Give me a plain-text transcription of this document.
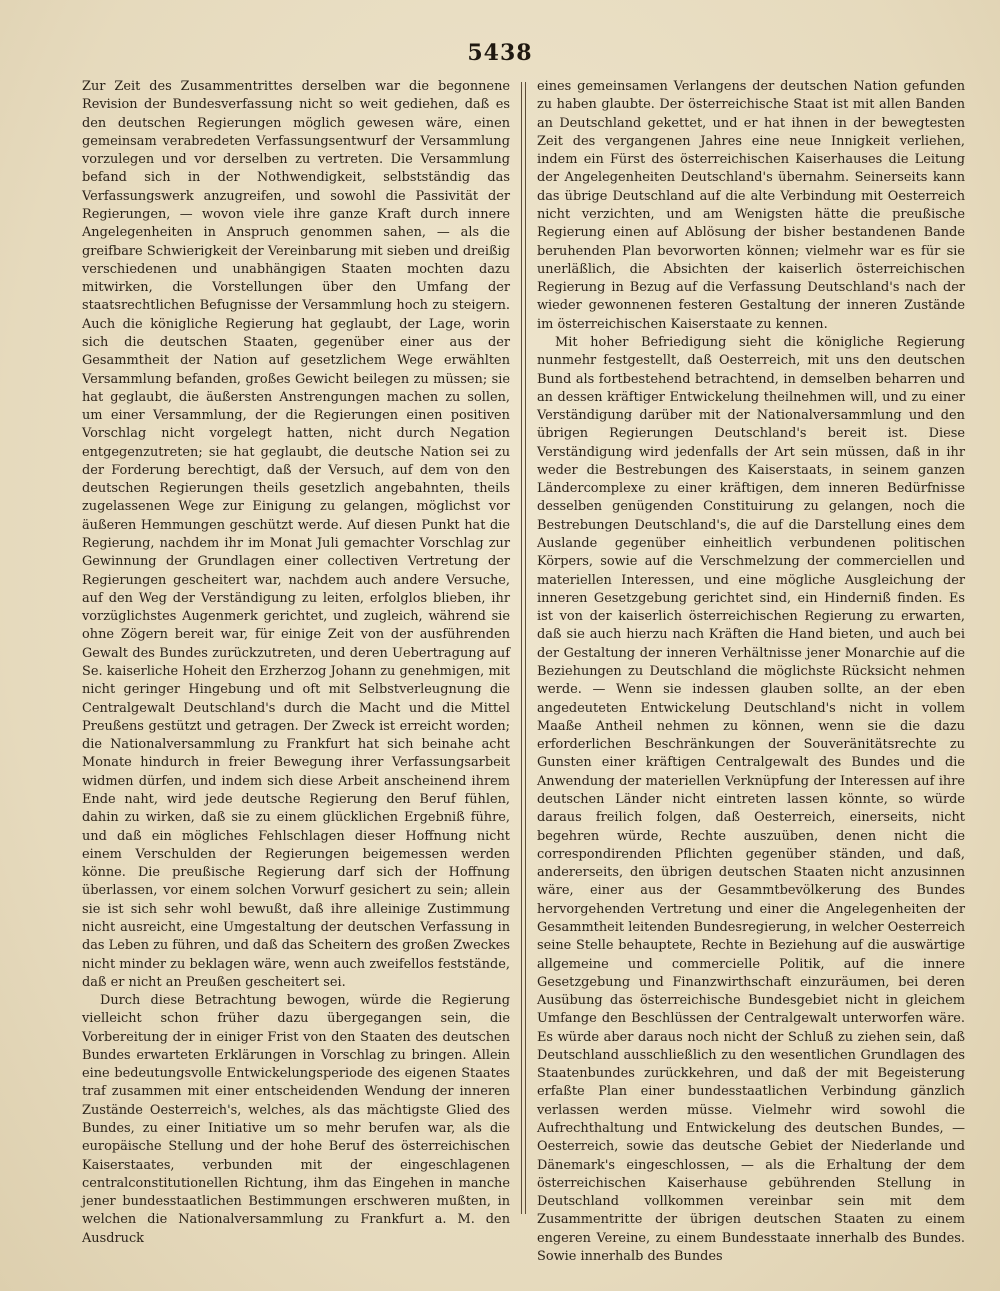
5438

Zur Zeit des Zusammentrittes derselben war die begonnene Revision der Bundesverfassung nicht so weit gediehen, daß es den deutschen Regierungen möglich gewesen wäre, einen gemeinsam verabredeten Verfassungsentwurf der Versammlung vorzulegen und vor derselben zu vertreten. Die Versammlung befand sich in der Nothwendigkeit, selbstständig das Verfassungswerk anzugreifen, und sowohl die Passivität der Regierungen, — wovon viele ihre ganze Kraft durch innere Angelegenheiten in Anspruch genommen sahen, — als die greifbare Schwierigkeit der Vereinbarung mit sieben und dreißig verschiedenen und unabhängigen Staaten mochten dazu mitwirken, die Vorstellungen über den Umfang der staatsrechtlichen Befugnisse der Versammlung hoch zu steigern. Auch die königliche Regierung hat geglaubt, der Lage, worin sich die deutschen Staaten, gegenüber einer aus der Gesammtheit der Nation auf gesetzlichem Wege erwählten Versammlung befanden, großes Gewicht beilegen zu müssen; sie hat geglaubt, die äußersten Anstrengungen machen zu sollen, um einer Versammlung, der die Regierungen einen positiven Vorschlag nicht vorgelegt hatten, nicht durch Negation entgegenzutreten; sie hat geglaubt, die deutsche Nation sei zu der Forderung berechtigt, daß der Versuch, auf dem von den deutschen Regierungen theils gesetzlich angebahnten, theils zugelassenen Wege zur Einigung zu gelangen, möglichst vor äußeren Hemmungen geschützt werde. Auf diesen Punkt hat die Regierung, nachdem ihr im Monat Juli gemachter Vorschlag zur Gewinnung der Grundlagen einer collectiven Vertretung der Regierungen gescheitert war, nachdem auch andere Versuche, auf den Weg der Verständigung zu leiten, erfolglos blieben, ihr vorzüglichstes Augenmerk gerichtet, und zugleich, während sie ohne Zögern bereit war, für einige Zeit von der ausführenden Gewalt des Bundes zurückzutreten, und deren Uebertragung auf Se. kaiserliche Hoheit den Erzherzog Johann zu genehmigen, mit nicht geringer Hingebung und oft mit Selbstverleugnung die Centralgewalt Deutschland's durch die Macht und die Mittel Preußens gestützt und getragen. Der Zweck ist erreicht worden; die Nationalversammlung zu Frankfurt hat sich beinahe acht Monate hindurch in freier Bewegung ihrer Verfassungsarbeit widmen dürfen, und indem sich diese Arbeit anscheinend ihrem Ende naht, wird jede deutsche Regierung den Beruf fühlen, dahin zu wirken, daß sie zu einem glücklichen Ergebniß führe, und daß ein mögliches Fehlschlagen dieser Hoffnung nicht einem Verschulden der Regierungen beigemessen werden könne. Die preußische Regierung darf sich der Hoffnung überlassen, vor einem solchen Vorwurf gesichert zu sein; allein sie ist sich sehr wohl bewußt, daß ihre alleinige Zustimmung nicht ausreicht, eine Umgestaltung der deutschen Verfassung in das Leben zu führen, und daß das Scheitern des großen Zweckes nicht minder zu beklagen wäre, wenn auch zweifellos feststände, daß er nicht an Preußen gescheitert sei.

Durch diese Betrachtung bewogen, würde die Regierung vielleicht schon früher dazu übergegangen sein, die Vorbereitung der in einiger Frist von den Staaten des deutschen Bundes erwarteten Erklärungen in Vorschlag zu bringen. Allein eine bedeutungsvolle Entwickelungsperiode des eigenen Staates traf zusammen mit einer entscheidenden Wendung der inneren Zustände Oesterreich's, welches, als das mächtigste Glied des Bundes, zu einer Initiative um so mehr berufen war, als die europäische Stellung und der hohe Beruf des österreichischen Kaiserstaates, verbunden mit der eingeschlagenen centralconstitutionellen Richtung, ihm das Eingehen in manche jener bundesstaatlichen Bestimmungen erschweren mußten, in welchen die Nationalversammlung zu Frankfurt a. M. den Ausdruck

eines gemeinsamen Verlangens der deutschen Nation gefunden zu haben glaubte. Der österreichische Staat ist mit allen Banden an Deutschland gekettet, und er hat ihnen in der bewegtesten Zeit des vergangenen Jahres eine neue Innigkeit verliehen, indem ein Fürst des österreichischen Kaiserhauses die Leitung der Angelegenheiten Deutschland's übernahm. Seinerseits kann das übrige Deutschland auf die alte Verbindung mit Oesterreich nicht verzichten, und am Wenigsten hätte die preußische Regierung einen auf Ablösung der bisher bestandenen Bande beruhenden Plan bevorworten können; vielmehr war es für sie unerläßlich, die Absichten der kaiserlich österreichischen Regierung in Bezug auf die Verfassung Deutschland's nach der wieder gewonnenen festeren Gestaltung der inneren Zustände im österreichischen Kaiserstaate zu kennen.

Mit hoher Befriedigung sieht die königliche Regierung nunmehr festgestellt, daß Oesterreich, mit uns den deutschen Bund als fortbestehend betrachtend, in demselben beharren und an dessen kräftiger Entwickelung theilnehmen will, und zu einer Verständigung darüber mit der Nationalversammlung und den übrigen Regierungen Deutschland's bereit ist. Diese Verständigung wird jedenfalls der Art sein müssen, daß in ihr weder die Bestrebungen des Kaiserstaats, in seinem ganzen Ländercomplexe zu einer kräftigen, dem inneren Bedürfnisse desselben genügenden Constituirung zu gelangen, noch die Bestrebungen Deutschland's, die auf die Darstellung eines dem Auslande gegenüber einheitlich verbundenen politischen Körpers, sowie auf die Verschmelzung der commerciellen und materiellen Interessen, und eine mögliche Ausgleichung der inneren Gesetzgebung gerichtet sind, ein Hinderniß finden. Es ist von der kaiserlich österreichischen Regierung zu erwarten, daß sie auch hierzu nach Kräften die Hand bieten, und auch bei der Gestaltung der inneren Verhältnisse jener Monarchie auf die Beziehungen zu Deutschland die möglichste Rücksicht nehmen werde. — Wenn sie indessen glauben sollte, an der eben angedeuteten Entwickelung Deutschland's nicht in vollem Maaße Antheil nehmen zu können, wenn sie die dazu erforderlichen Beschränkungen der Souveränitätsrechte zu Gunsten einer kräftigen Centralgewalt des Bundes und die Anwendung der materiellen Verknüpfung der Interessen auf ihre deutschen Länder nicht eintreten lassen könnte, so würde daraus freilich folgen, daß Oesterreich, einerseits, nicht begehren würde, Rechte auszuüben, denen nicht die correspondirenden Pflichten gegenüber ständen, und daß, andererseits, den übrigen deutschen Staaten nicht anzusinnen wäre, einer aus der Gesammtbevölkerung des Bundes hervorgehenden Vertretung und einer die Angelegenheiten der Gesammtheit leitenden Bundesregierung, in welcher Oesterreich seine Stelle behauptete, Rechte in Beziehung auf die auswärtige allgemeine und commercielle Politik, auf die innere Gesetzgebung und Finanzwirthschaft einzuräumen, bei deren Ausübung das österreichische Bundesgebiet nicht in gleichem Umfange den Beschlüssen der Centralgewalt unterworfen wäre. Es würde aber daraus noch nicht der Schluß zu ziehen sein, daß Deutschland ausschließlich zu den wesentlichen Grundlagen des Staatenbundes zurückkehren, und daß der mit Begeisterung erfaßte Plan einer bundesstaatlichen Verbindung gänzlich verlassen werden müsse. Vielmehr wird sowohl die Aufrechthaltung und Entwickelung des deutschen Bundes, — Oesterreich, sowie das deutsche Gebiet der Niederlande und Dänemark's eingeschlossen, — als die Erhaltung der dem österreichischen Kaiserhause gebührenden Stellung in Deutschland vollkommen vereinbar sein mit dem Zusammentritte der übrigen deutschen Staaten zu einem engeren Vereine, zu einem Bundesstaate innerhalb des Bundes. Sowie innerhalb des Bundes
